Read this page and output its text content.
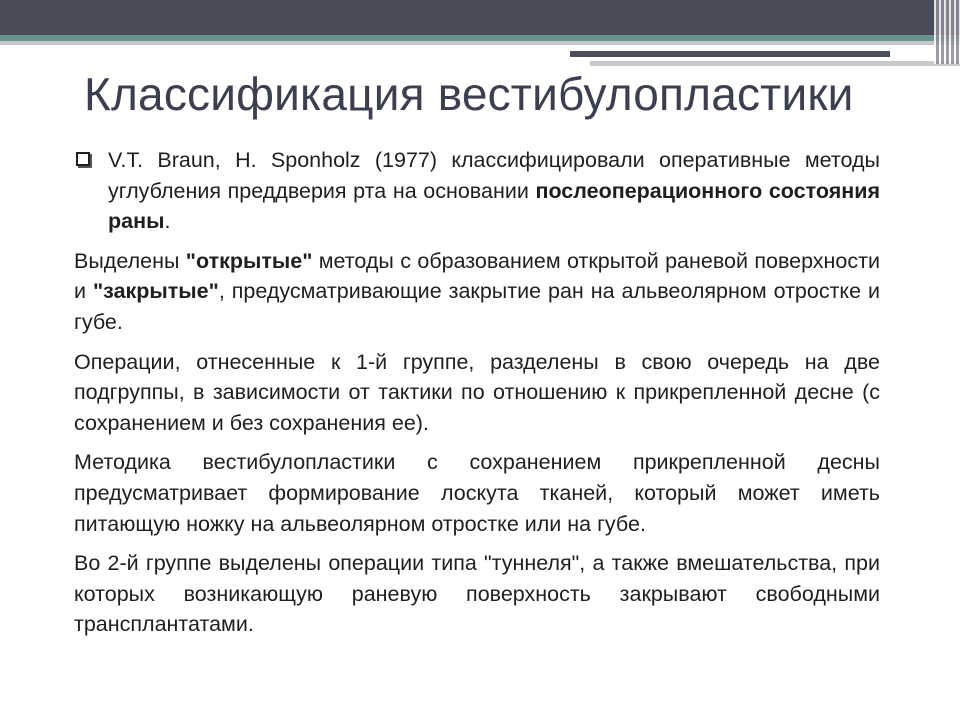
Классификация вестибулопластики
V.T. Braun, H. Sponholz (1977) классифицировали оперативные методы углубления преддверия рта на основании послеоперационного состояния раны.

Выделены "открытые" методы с образованием открытой раневой поверхности и "закрытые", предусматривающие закрытие ран на альвеолярном отростке и губе.

Операции, отнесенные к 1-й группе, разделены в свою очередь на две подгруппы, в зависимости от тактики по отношению к прикрепленной десне (с сохранением и без сохранения ее).

Методика вестибулопластики с сохранением прикрепленной десны предусматривает формирование лоскута тканей, который может иметь питающую ножку на альвеолярном отростке или на губе.

Во 2-й группе выделены операции типа "туннеля", а также вмешательства, при которых возникающую раневую поверхность закрывают свободными трансплантатами.
